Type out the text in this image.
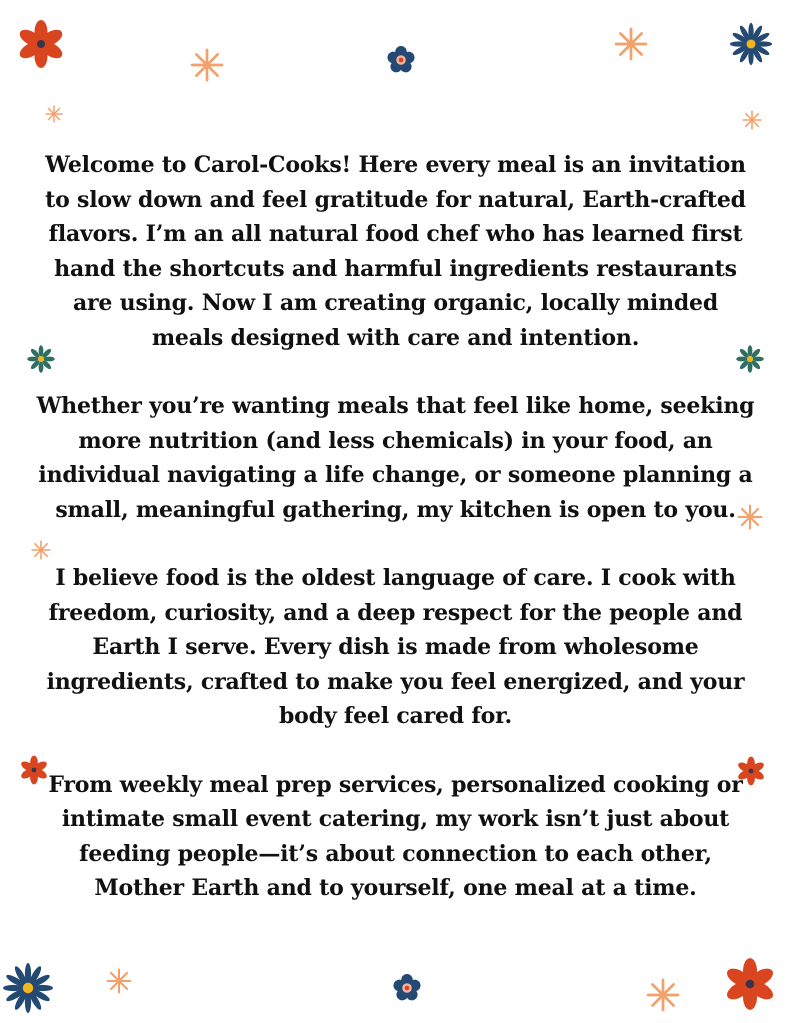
Welcome to Carol-Cooks! Here every meal is an invitation to slow down and feel gratitude for natural, Earth-crafted flavors. I’m an all natural food chef who has learned first hand the shortcuts and harmful ingredients restaurants are using. Now I am creating organic, locally minded meals designed with care and intention.

Whether you’re wanting meals that feel like home, seeking more nutrition (and less chemicals) in your food, an individual navigating a life change, or someone planning a small, meaningful gathering, my kitchen is open to you.

I believe food is the oldest language of care. I cook with freedom, curiosity, and a deep respect for the people and Earth I serve. Every dish is made from wholesome ingredients, crafted to make you feel energized, and your body feel cared for.

From weekly meal prep services, personalized cooking or intimate small event catering, my work isn’t just about feeding people—it’s about connection to each other, Mother Earth and to yourself, one meal at a time.
